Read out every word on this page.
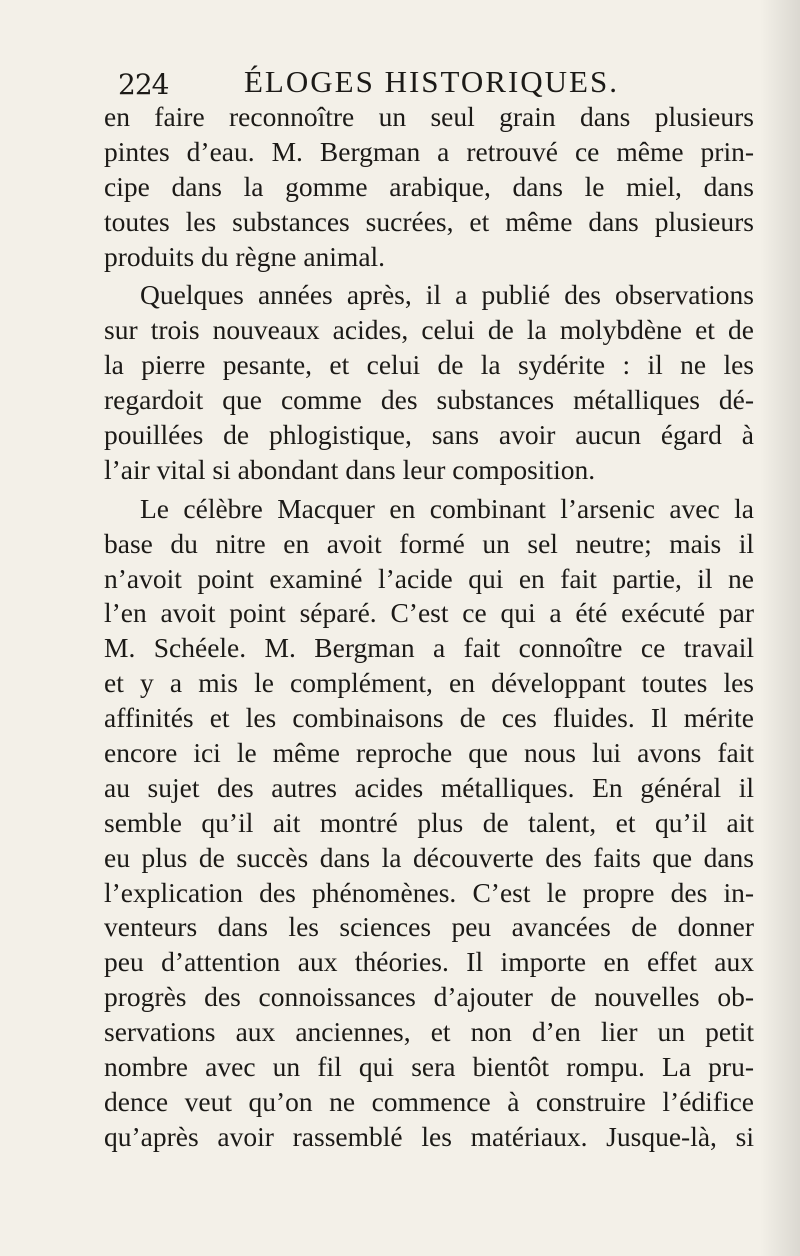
224 ÉLOGES HISTORIQUES.
en faire reconnoître un seul grain dans plusieurs
pintes d’eau. M. Bergman a retrouvé ce même prin-
cipe dans la gomme arabique, dans le miel, dans
toutes les substances sucrées, et même dans plusieurs
produits du règne animal.
Quelques années après, il a publié des observations
sur trois nouveaux acides, celui de la molybdène et de
la pierre pesante, et celui de la sydérite : il ne les
regardoit que comme des substances métalliques dé-
pouillées de phlogistique, sans avoir aucun égard à
l’air vital si abondant dans leur composition.
Le célèbre Macquer en combinant l’arsenic avec la
base du nitre en avoit formé un sel neutre; mais il
n’avoit point examiné l’acide qui en fait partie, il ne
l’en avoit point séparé. C’est ce qui a été exécuté par
M. Schéele. M. Bergman a fait connoître ce travail
et y a mis le complément, en développant toutes les
affinités et les combinaisons de ces fluides. Il mérite
encore ici le même reproche que nous lui avons fait
au sujet des autres acides métalliques. En général il
semble qu’il ait montré plus de talent, et qu’il ait
eu plus de succès dans la découverte des faits que dans
l’explication des phénomènes. C’est le propre des in-
venteurs dans les sciences peu avancées de donner
peu d’attention aux théories. Il importe en effet aux
progrès des connoissances d’ajouter de nouvelles ob-
servations aux anciennes, et non d’en lier un petit
nombre avec un fil qui sera bientôt rompu. La pru-
dence veut qu’on ne commence à construire l’édifice
qu’après avoir rassemblé les matériaux. Jusque-là, si
